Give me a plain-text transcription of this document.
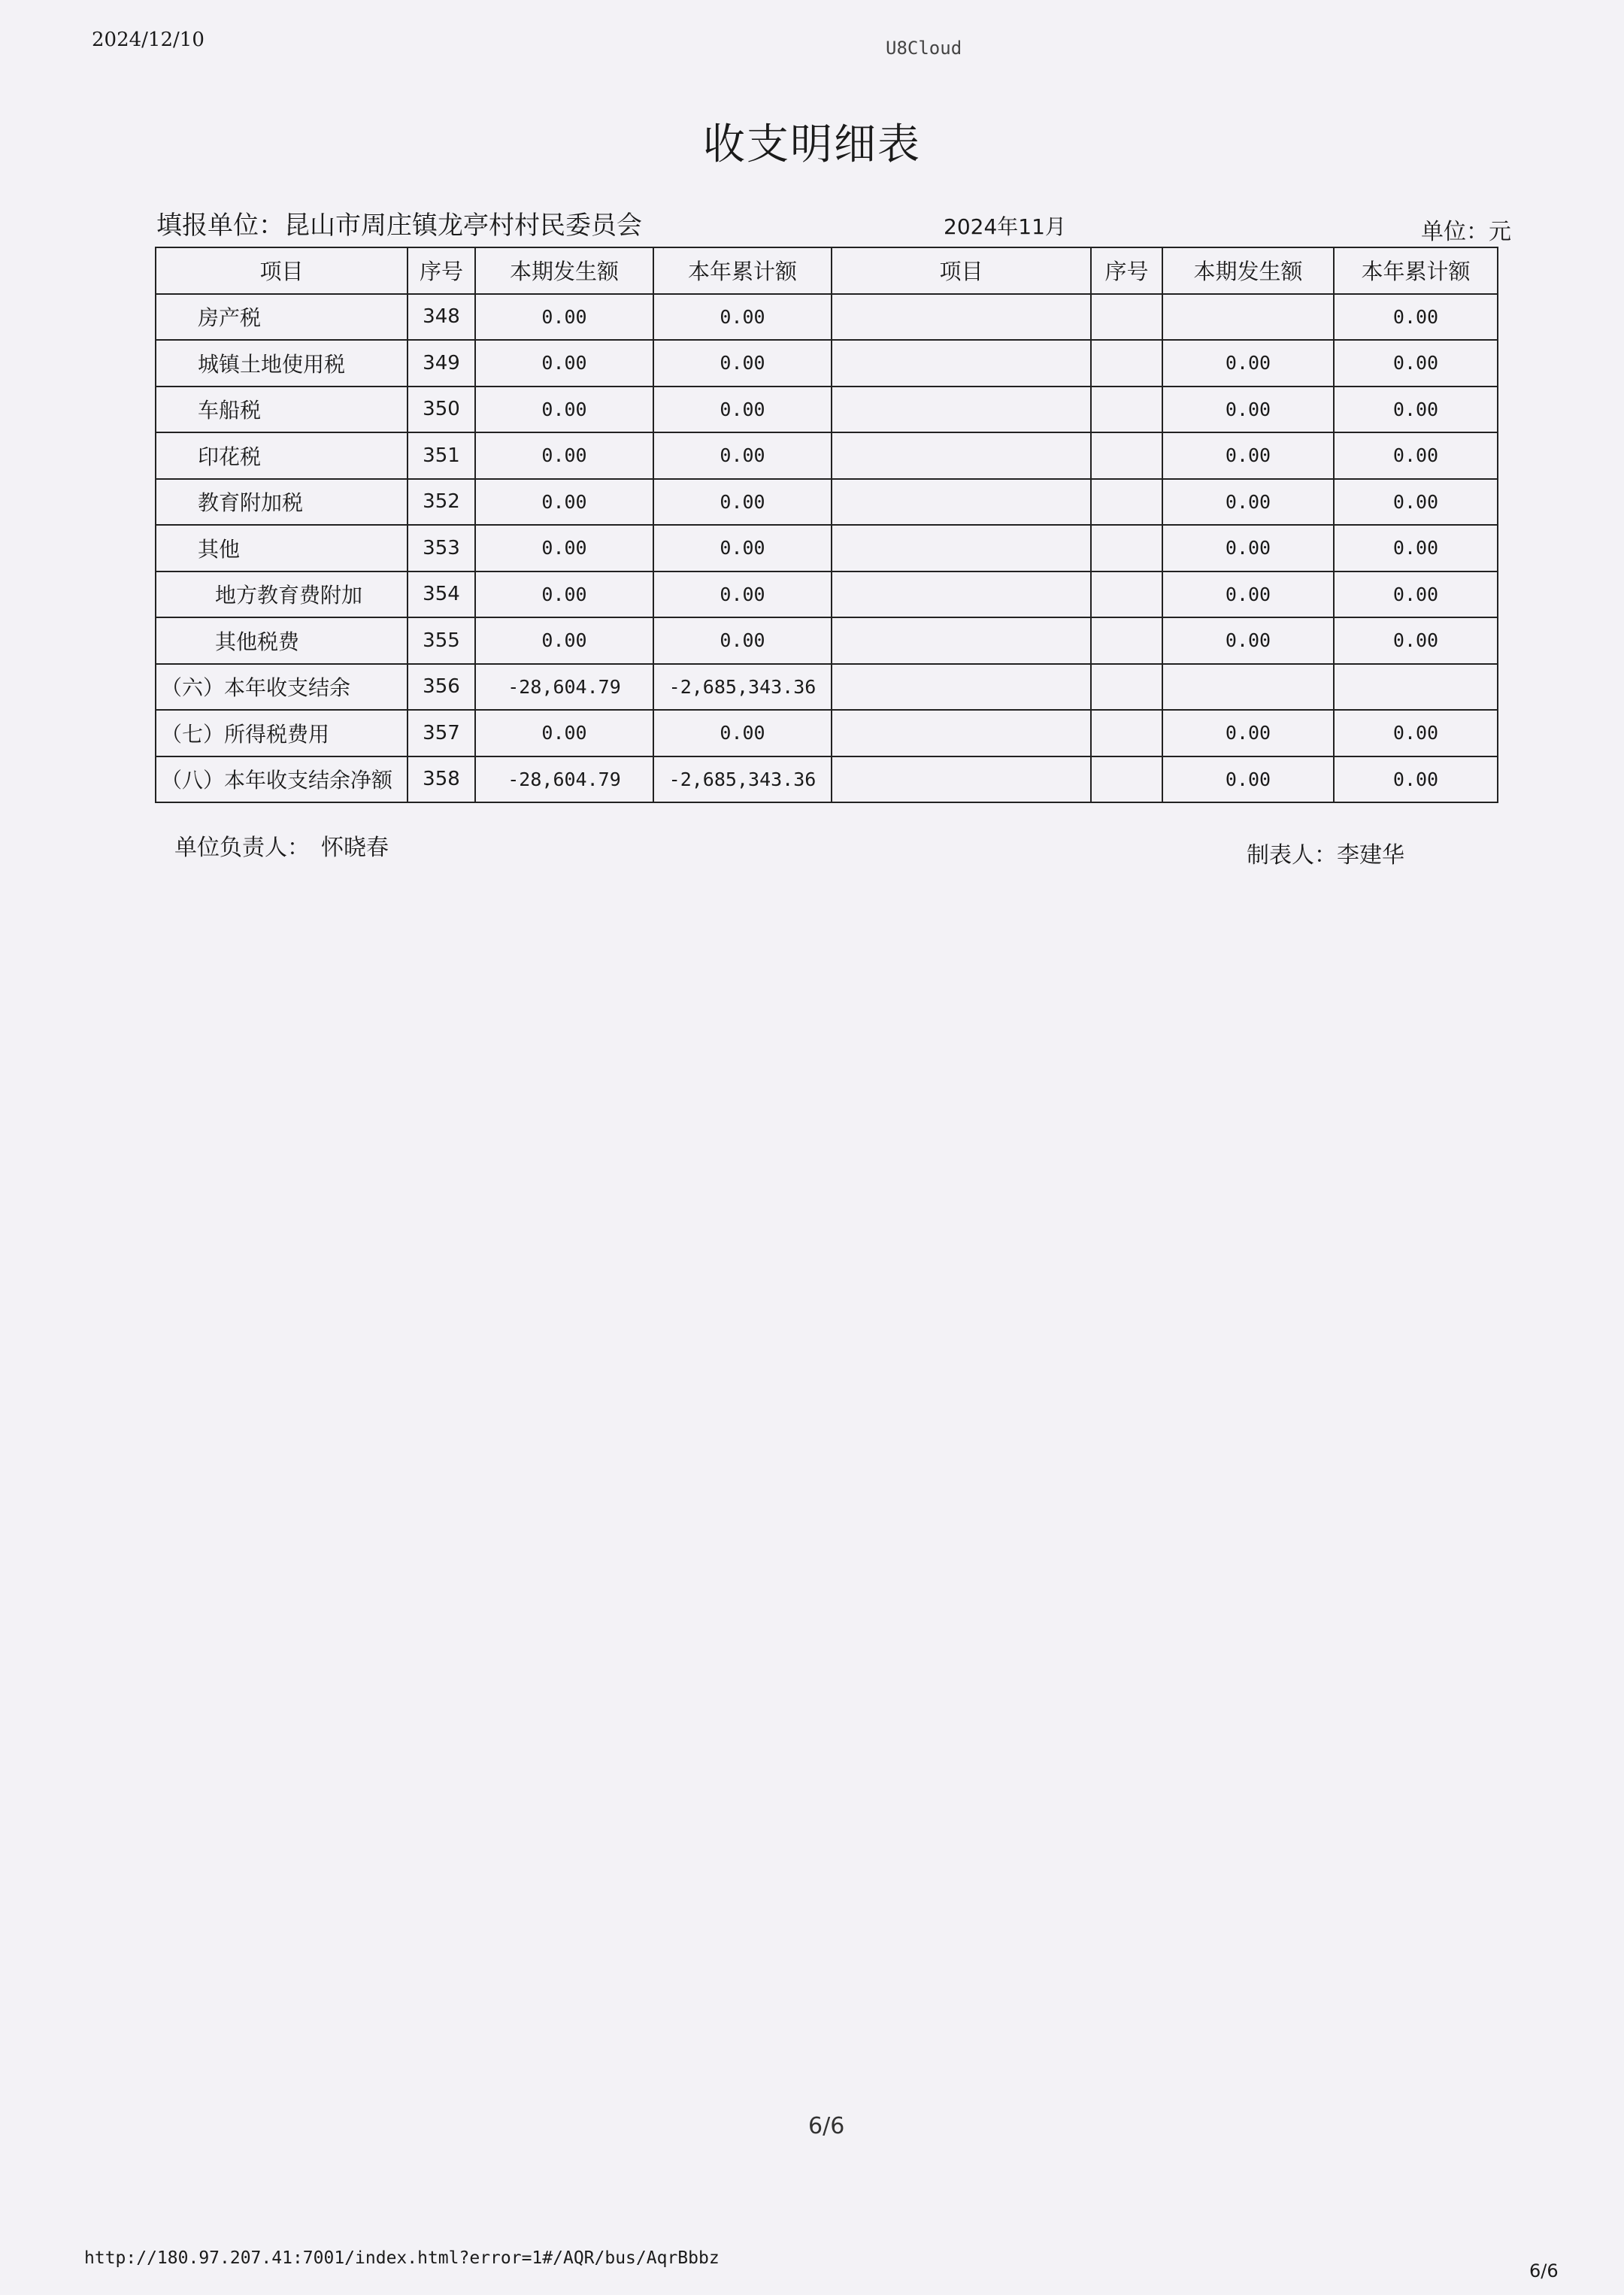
2024/12/10	U8Cloud
收支明细表
填报单位：昆山市周庄镇龙亭村村民委员会	2024年11月	单位：元
项目	序号	本期发生额	本年累计额	项目	序号	本期发生额	本年累计额
房产税	348	0.00	0.00				0.00
城镇土地使用税	349	0.00	0.00			0.00	0.00
车船税	350	0.00	0.00			0.00	0.00
印花税	351	0.00	0.00			0.00	0.00
教育附加税	352	0.00	0.00			0.00	0.00
其他	353	0.00	0.00			0.00	0.00
地方教育费附加	354	0.00	0.00			0.00	0.00
其他税费	355	0.00	0.00			0.00	0.00
（六）本年收支结余	356	-28,604.79	-2,685,343.36				
（七）所得税费用	357	0.00	0.00			0.00	0.00
（八）本年收支结余净额	358	-28,604.79	-2,685,343.36			0.00	0.00
单位负责人：　怀晓春	制表人：李建华
6/6
http://180.97.207.41:7001/index.html?error=1#/AQR/bus/AqrBbbz
6/6
